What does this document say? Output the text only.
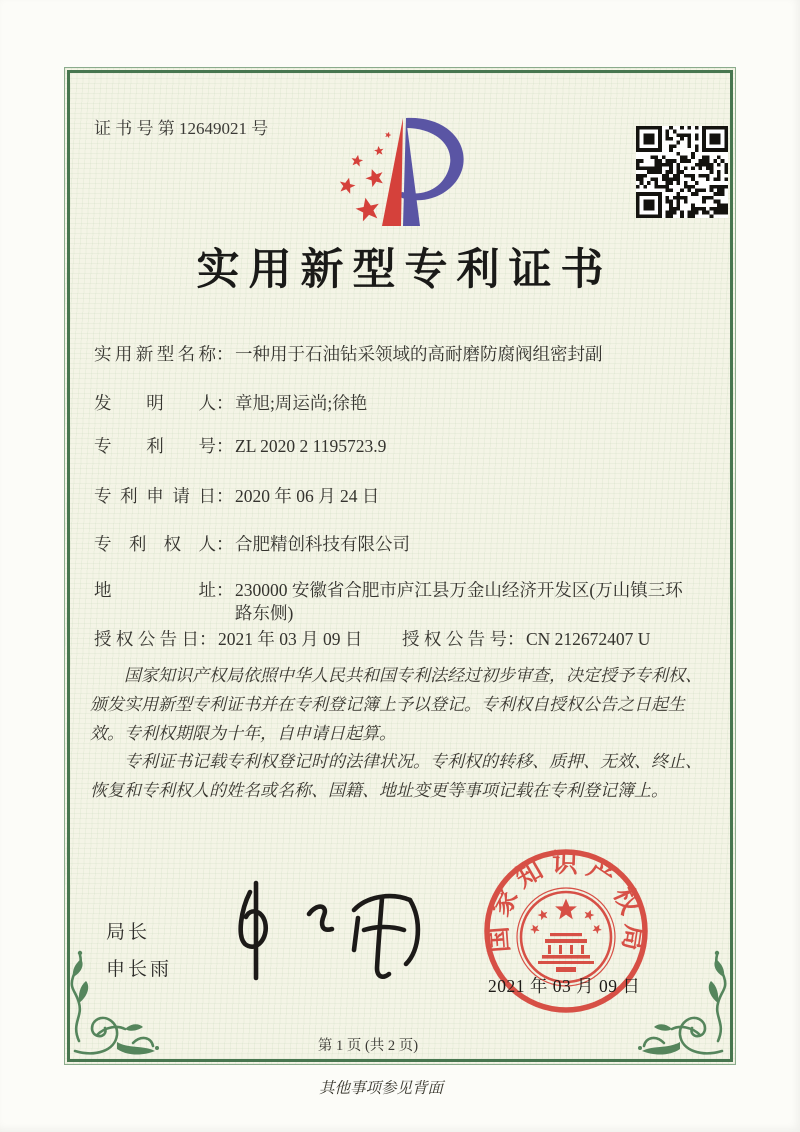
证 书 号 第 12649021 号
实用新型专利证书
实用新型名称 ： 一种用于石油钻采领域的高耐磨防腐阀组密封副
发明人 ： 章旭;周运尚;徐艳
专利号 ： ZL 2020 2 1195723.9
专利申请日 ： 2020 年 06 月 24 日
专利权人 ： 合肥精创科技有限公司
地址 ： 230000 安徽省合肥市庐江县万金山经济开发区(万山镇三环路东侧)
授权公告日 ： 2021 年 03 月 09 日	授权公告号 ： CN 212672407 U

国家知识产权局依照中华人民共和国专利法经过初步审查，决定授予专利权、颁发实用新型专利证书并在专利登记簿上予以登记。专利权自授权公告之日起生效。专利权期限为十年，自申请日起算。

专利证书记载专利权登记时的法律状况。专利权的转移、质押、无效、终止、恢复和专利权人的姓名或名称、国籍、地址变更等事项记载在专利登记簿上。

局长
申长雨
国家知识产权局
2021 年 03 月 09 日
第 1 页 (共 2 页)
其他事项参见背面
